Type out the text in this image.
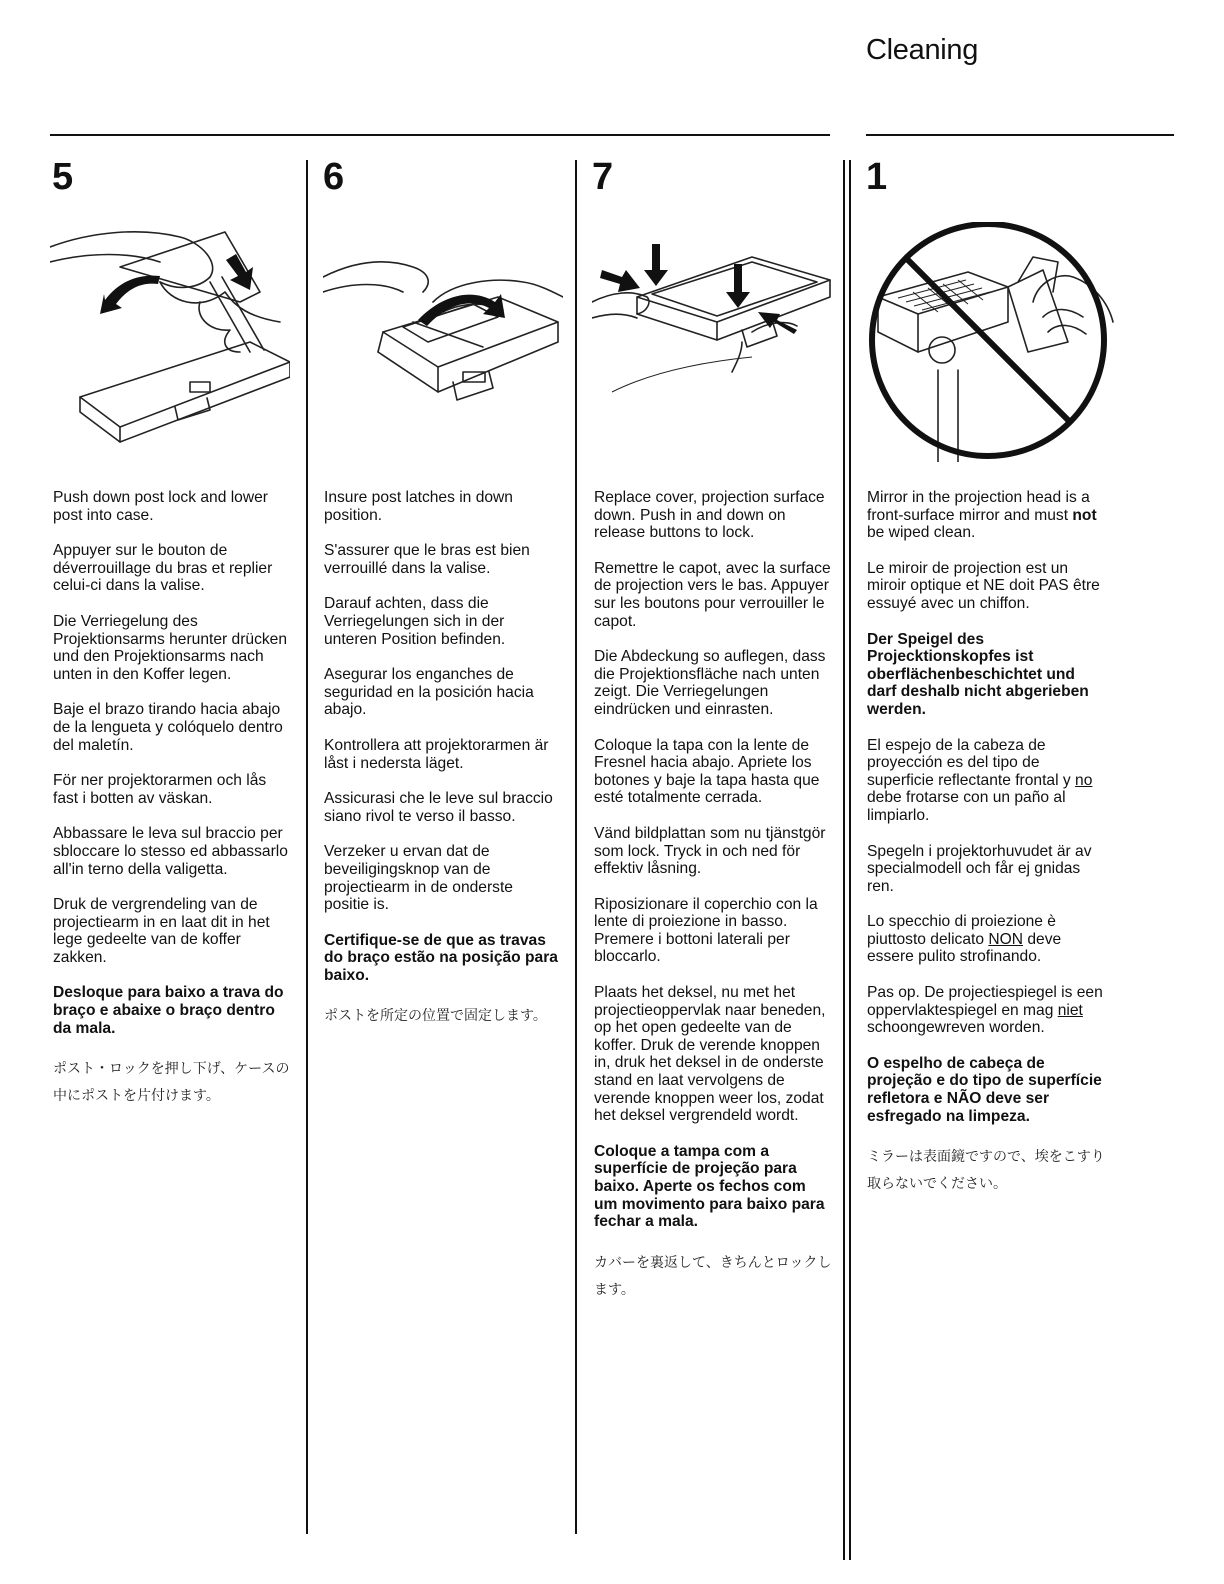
Cleaning
5

Push down post lock and lower post into case.

Appuyer sur le bouton de déverrouillage du bras et replier celui-ci dans la valise.

Die Verriegelung des Projektionsarms herunter drücken und den Projektionsarms nach unten in den Koffer legen.

Baje el brazo tirando hacia abajo de la lengueta y colóquelo dentro del maletín.

För ner projektorarmen och lås fast i botten av väskan.

Abbassare le leva sul braccio per sbloccare lo stesso ed abbassarlo all'in terno della valigetta.

Druk de vergrendeling van de projectiearm in en laat dit in het lege gedeelte van de koffer zakken.

Desloque para baixo a trava do braço e abaixe o braço dentro da mala.

ポスト・ロックを押し下げ、ケースの中にポストを片付けます。

6

Insure post latches in down position.

S'assurer que le bras est bien verrouillé dans la valise.

Darauf achten, dass die Verriegelungen sich in der unteren Position befinden.

Asegurar los enganches de seguridad en la posición hacia abajo.

Kontrollera att projektorarmen är låst i nedersta läget.

Assicurasi che le leve sul braccio siano rivol te verso il basso.

Verzeker u ervan dat de beveiligingsknop van de projectiearm in de onderste positie is.

Certifique-se de que as travas do braço estão na posição para baixo.

ポストを所定の位置で固定します。

7

Replace cover, projection surface down. Push in and down on release buttons to lock.

Remettre le capot, avec la surface de projection vers le bas. Appuyer sur les boutons pour verrouiller le capot.

Die Abdeckung so auflegen, dass die Projektionsfläche nach unten zeigt. Die Verriegelungen eindrücken und einrasten.

Coloque la tapa con la lente de Fresnel hacia abajo. Apriete los botones y baje la tapa hasta que esté totalmente cerrada.

Vänd bildplattan som nu tjänstgör som lock. Tryck in och ned för effektiv låsning.

Riposizionare il coperchio con la lente di proiezione in basso. Premere i bottoni laterali per bloccarlo.

Plaats het deksel, nu met het projectieoppervlak naar beneden, op het open gedeelte van de koffer. Druk de verende knoppen in, druk het deksel in de onderste stand en laat vervolgens de verende knoppen weer los, zodat het deksel vergrendeld wordt.

Coloque a tampa com a superfície de projeção para baixo. Aperte os fechos com um movimento para baixo para fechar a mala.

カバーを裏返して、きちんとロックします。

1

Mirror in the projection head is a front-surface mirror and must not be wiped clean.

Le miroir de projection est un miroir optique et NE doit PAS être essuyé avec un chiffon.

Der Speigel des Projecktionskopfes ist oberflächenbeschichtet und darf deshalb nicht abgerieben werden.

El espejo de la cabeza de proyección es del tipo de superficie reflectante frontal y no debe frotarse con un paño al limpiarlo.

Spegeln i projektorhuvudet är av specialmodell och får ej gnidas ren.

Lo specchio di proiezione è piuttosto delicato NON deve essere pulito strofinando.

Pas op. De projectiespiegel is een oppervlaktespiegel en mag niet schoongewreven worden.

O espelho de cabeça de projeção e do tipo de superfície refletora e NÃO deve ser esfregado na limpeza.

ミラーは表面鏡ですので、埃をこすり取らないでください。
